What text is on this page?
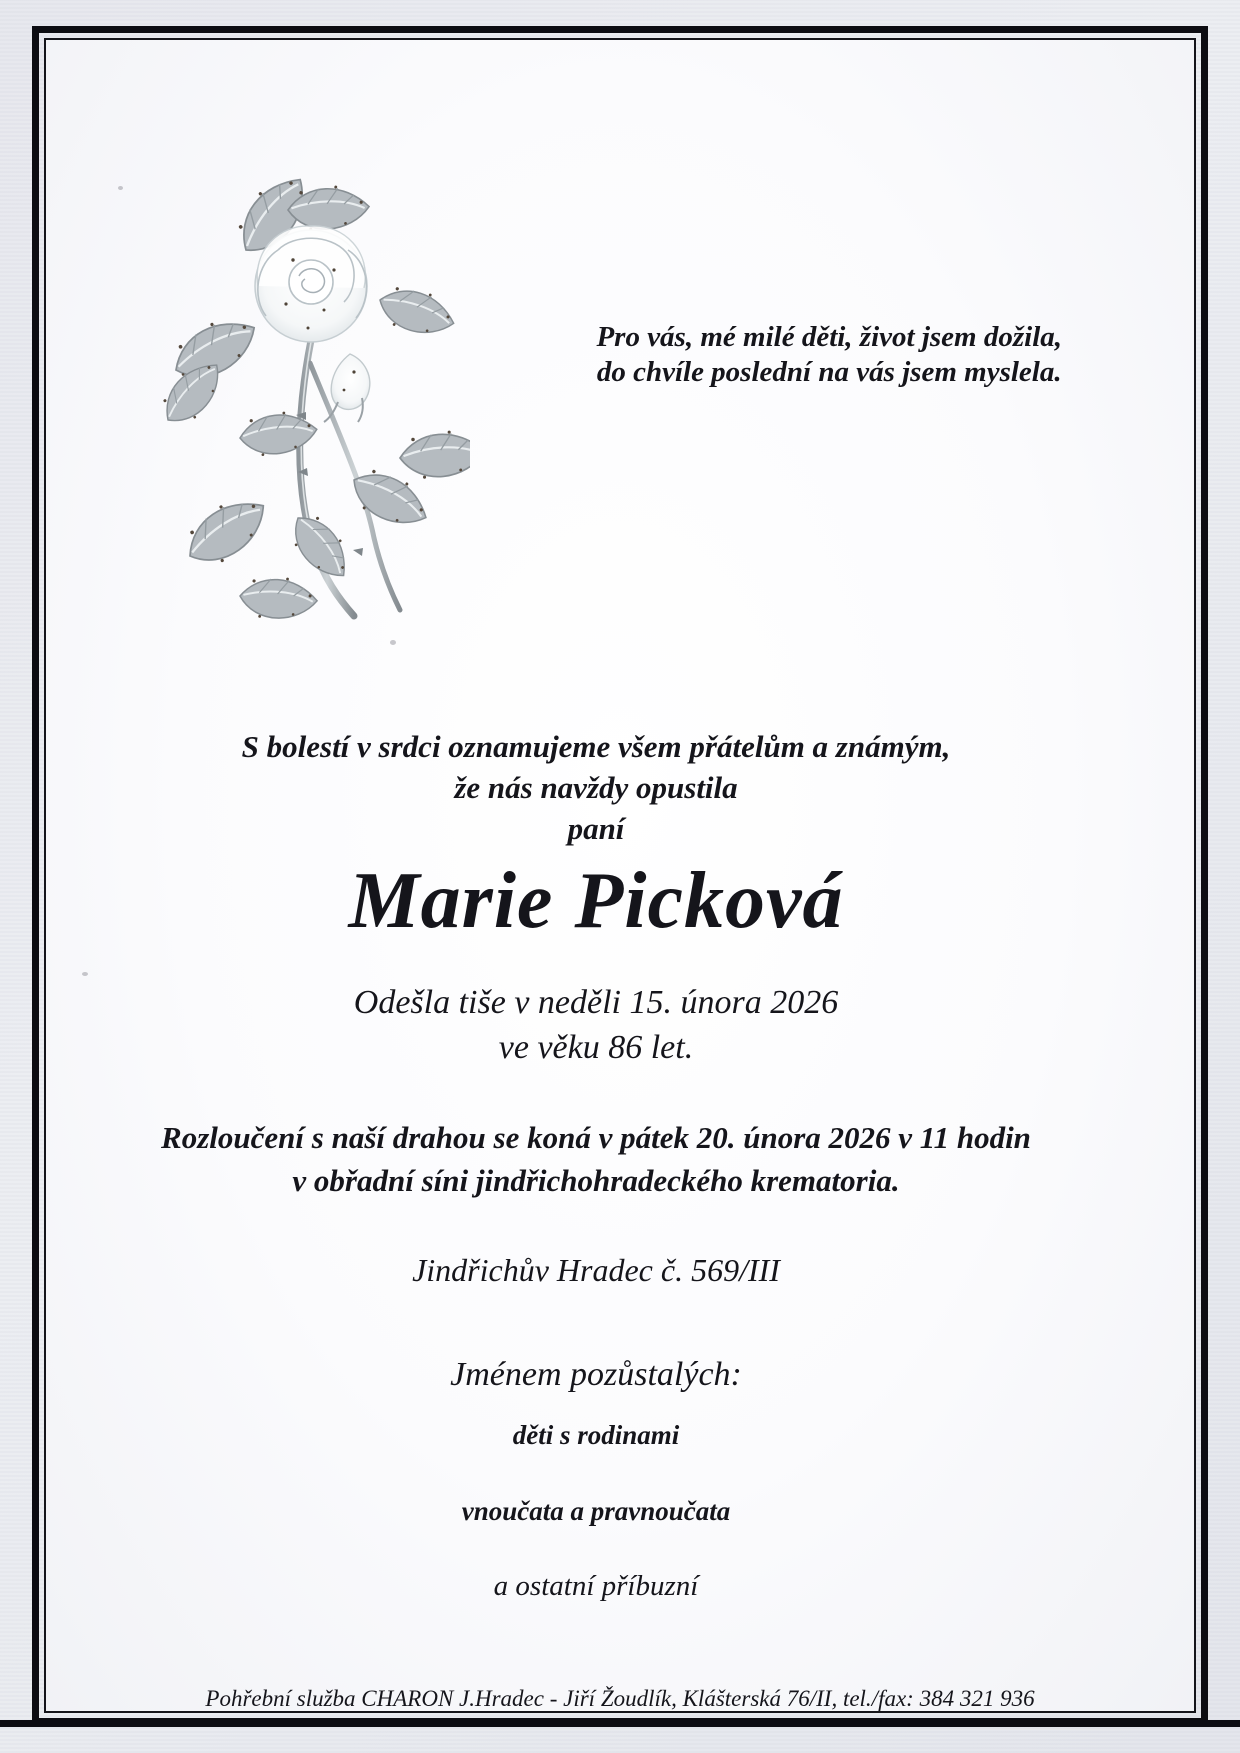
Pro vás, mé milé děti, život jsem dožila,
do chvíle poslední na vás jsem myslela.
S bolestí v srdci oznamujeme všem přátelům a známým,
že nás navždy opustila
paní
Marie Picková
Odešla tiše v neděli 15. února 2026
ve věku 86 let.
Rozloučení s naší drahou se koná v pátek 20. února 2026 v 11 hodin
v obřadní síni jindřichohradeckého krematoria.
Jindřichův Hradec č. 569/III
Jménem pozůstalých:
děti s rodinami
vnoučata a pravnoučata
a ostatní příbuzní
Pohřební služba CHARON J.Hradec - Jiří Žoudlík, Klášterská 76/II, tel./fax: 384 321 936
